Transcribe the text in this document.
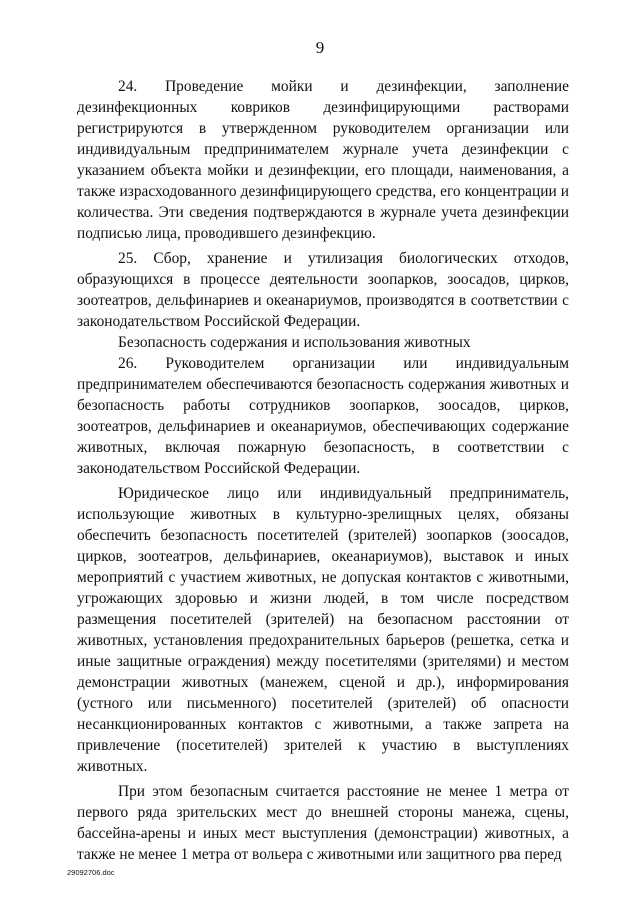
9

24. Проведение мойки и дезинфекции, заполнение дезинфекционных ковриков дезинфицирующими растворами регистрируются в утвержденном руководителем организации или индивидуальным предпринимателем журнале учета дезинфекции с указанием объекта мойки и дезинфекции, его площади, наименования, а также израсходованного дезинфицирующего средства, его концентрации и количества. Эти сведения подтверждаются в журнале учета дезинфекции подписью лица, проводившего дезинфекцию.

25. Сбор, хранение и утилизация биологических отходов, образующихся в процессе деятельности зоопарков, зоосадов, цирков, зоотеатров, дельфинариев и океанариумов, производятся в соответствии с законодательством Российской Федерации.

Безопасность содержания и использования животных

26. Руководителем организации или индивидуальным предпринимателем обеспечиваются безопасность содержания животных и безопасность работы сотрудников зоопарков, зоосадов, цирков, зоотеатров, дельфинариев и океанариумов, обеспечивающих содержание животных, включая пожарную безопасность, в соответствии с законодательством Российской Федерации.

Юридическое лицо или индивидуальный предприниматель, использующие животных в культурно-зрелищных целях, обязаны обеспечить безопасность посетителей (зрителей) зоопарков (зоосадов, цирков, зоотеатров, дельфинариев, океанариумов), выставок и иных мероприятий с участием животных, не допуская контактов с животными, угрожающих здоровью и жизни людей, в том числе посредством размещения посетителей (зрителей) на безопасном расстоянии от животных, установления предохранительных барьеров (решетка, сетка и иные защитные ограждения) между посетителями (зрителями) и местом демонстрации животных (манежем, сценой и др.), информирования (устного или письменного) посетителей (зрителей) об опасности несанкционированных контактов с животными, а также запрета на привлечение (посетителей) зрителей к участию в выступлениях животных.

При этом безопасным считается расстояние не менее 1 метра от первого ряда зрительских мест до внешней стороны манежа, сцены, бассейна-арены и иных мест выступления (демонстрации) животных, а также не менее 1 метра от вольера с животными или защитного рва перед

29092706.doc
